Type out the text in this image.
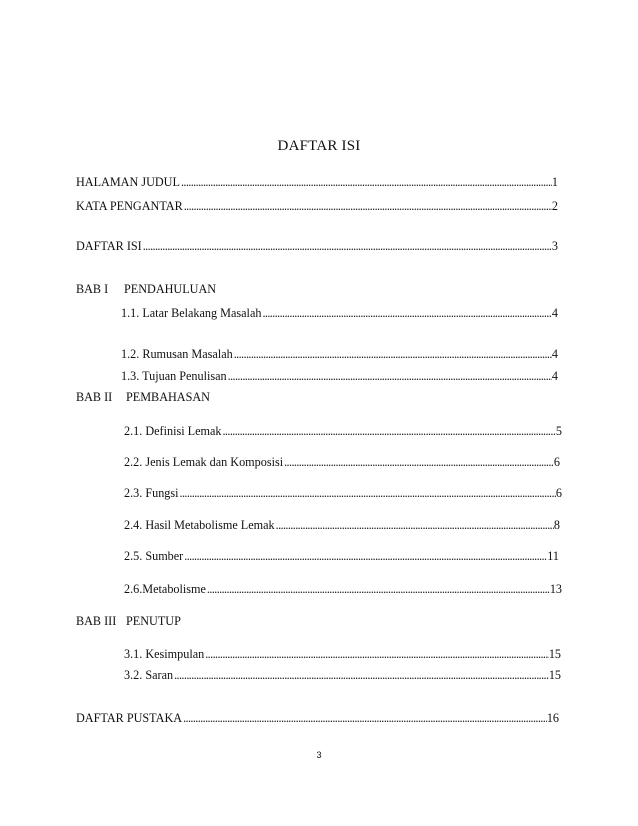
DAFTAR ISI
HALAMAN JUDUL .....	1
KATA PENGANTAR .....	2
DAFTAR ISI .....	3
BAB I PENDAHULUAN
1.1. Latar Belakang Masalah .....	4
1.2. Rumusan Masalah .....	4
1.3. Tujuan Penulisan .....	4
BAB II PEMBAHASAN
2.1. Definisi Lemak .....	5
2.2. Jenis Lemak dan Komposisi .....	6
2.3. Fungsi .....	6
2.4. Hasil Metabolisme Lemak .....	8
2.5. Sumber .....	11
2.6.Metabolisme .....	13
BAB III PENUTUP
3.1. Kesimpulan .....	15
3.2. Saran .....	15
DAFTAR PUSTAKA .....	16
3
